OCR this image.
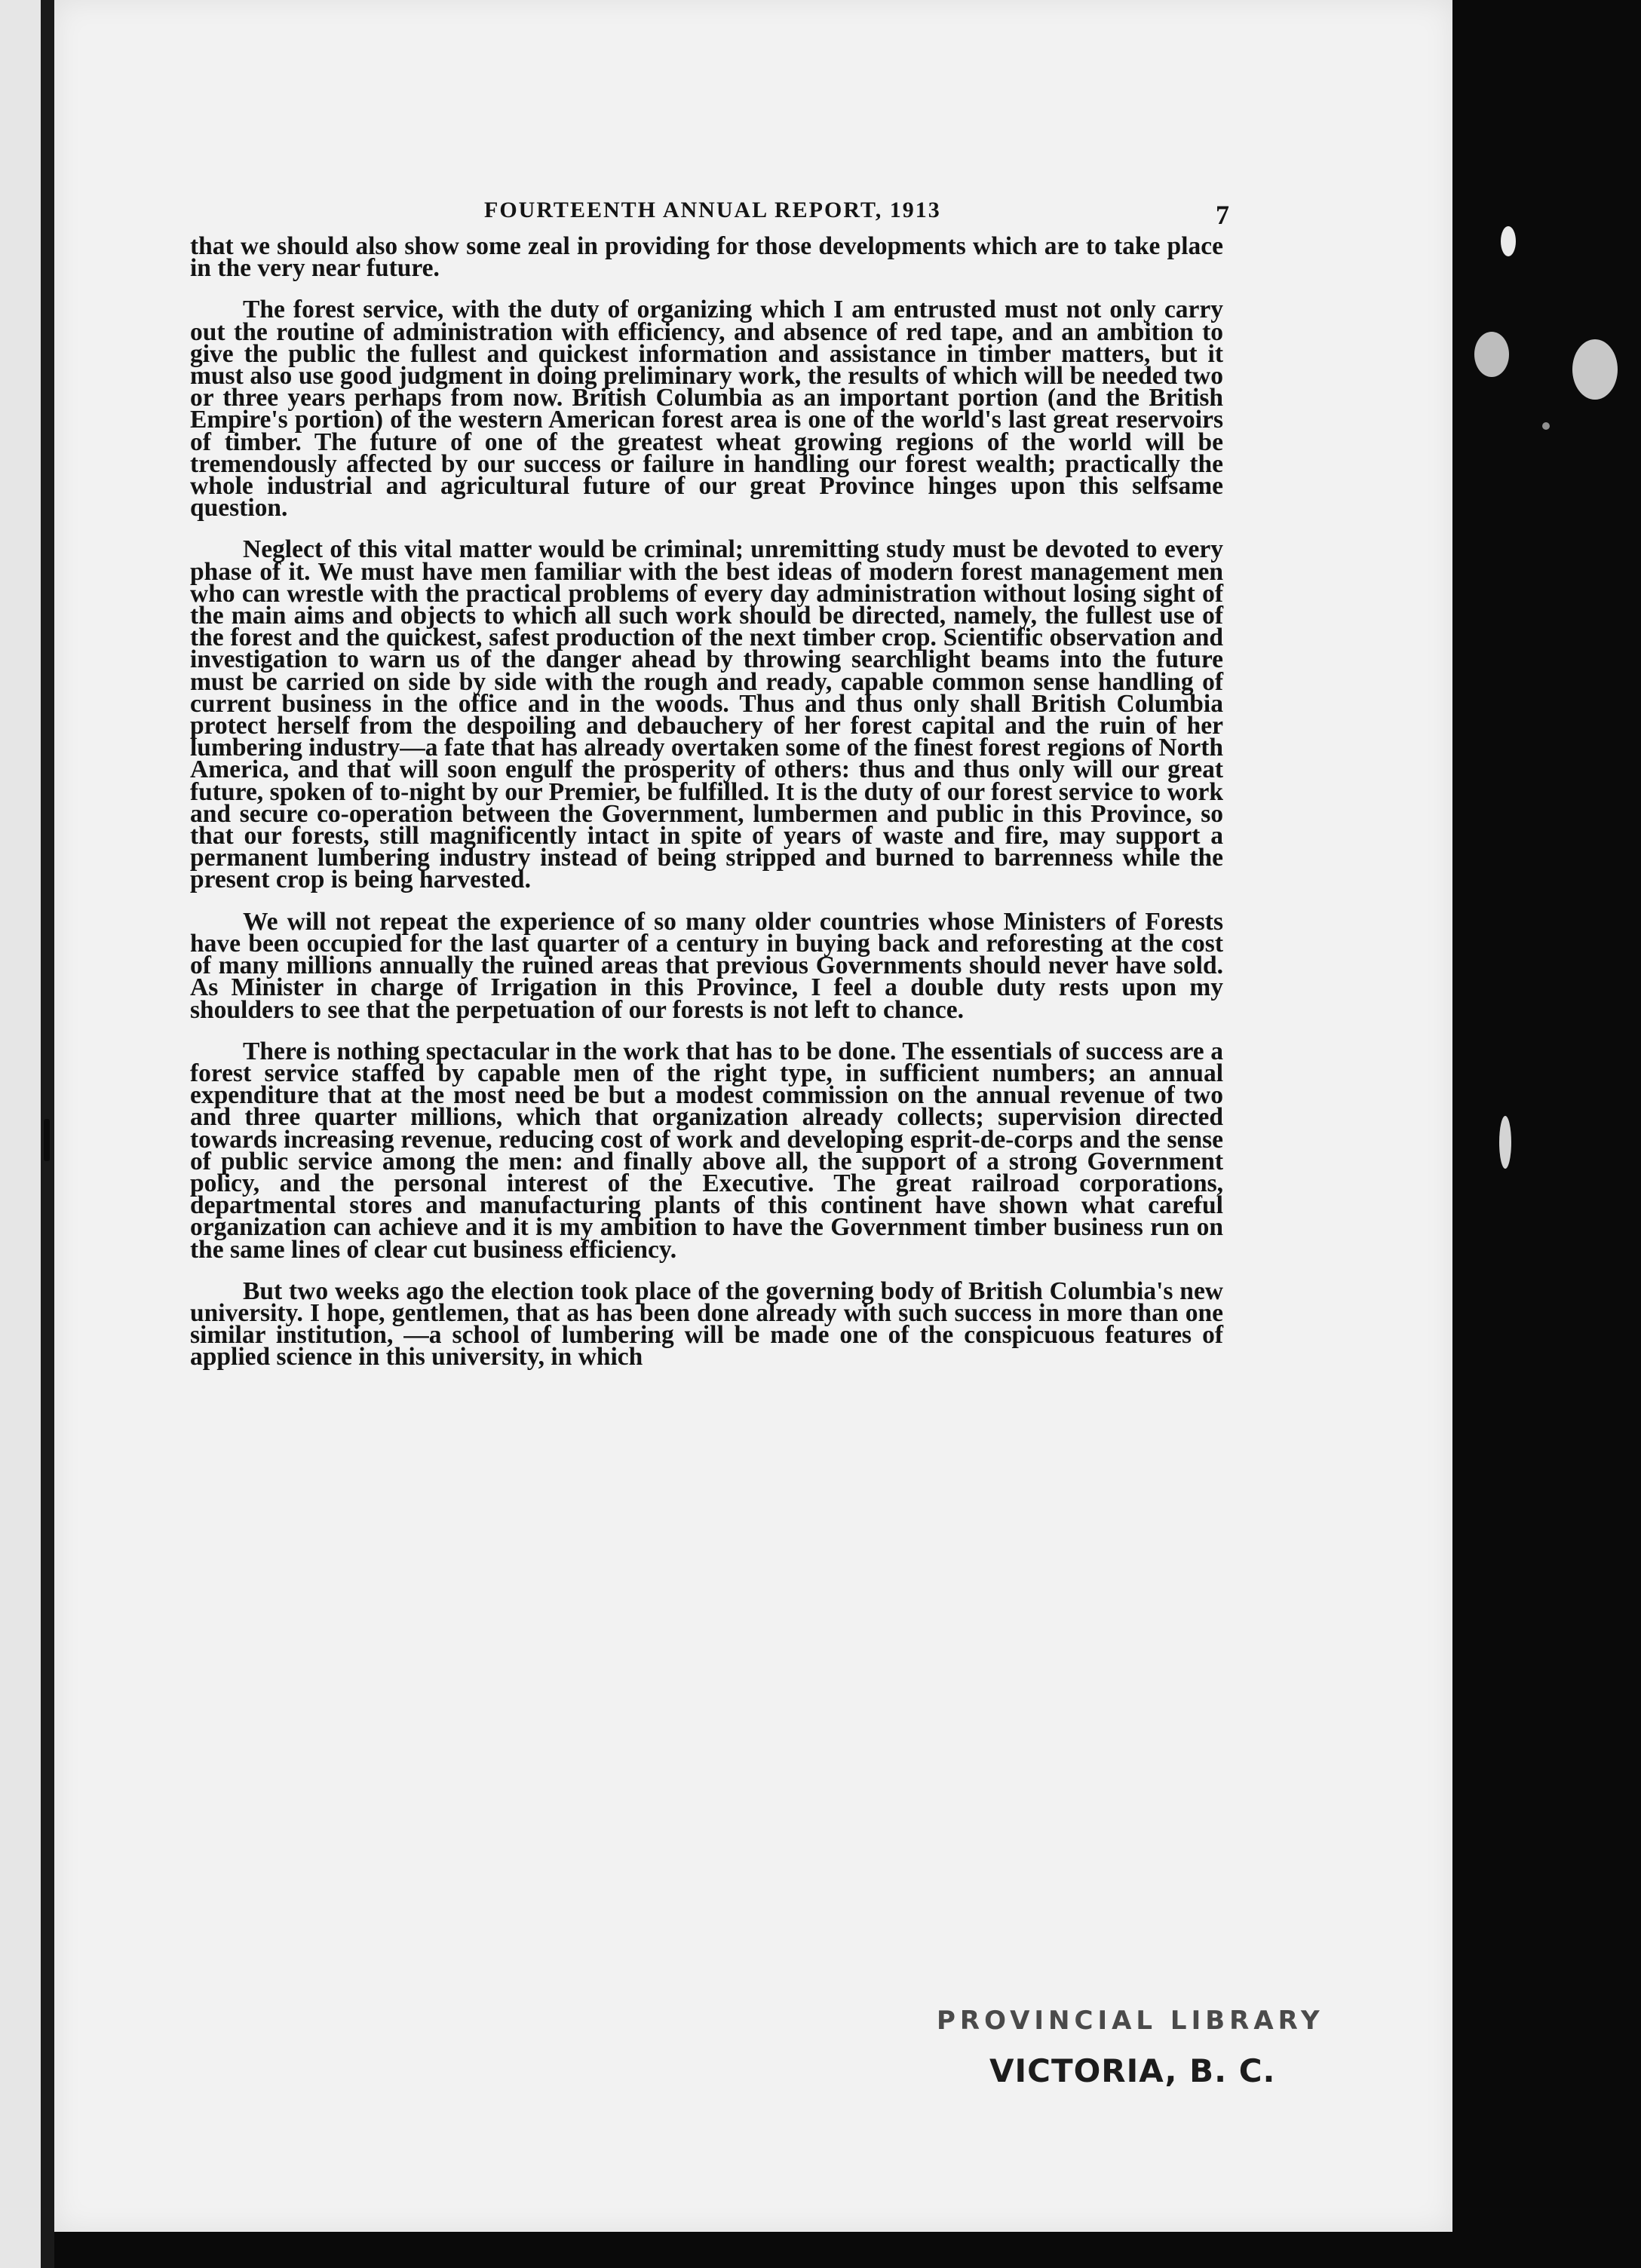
FOURTEENTH ANNUAL REPORT, 1913	7

that we should also show some zeal in providing for those developments which are to take place in the very near future.

The forest service, with the duty of organizing which I am entrusted must not only carry out the routine of administration with efficiency, and absence of red tape, and an ambition to give the public the fullest and quickest information and assistance in timber matters, but it must also use good judgment in doing preliminary work, the results of which will be needed two or three years perhaps from now. British Columbia as an important portion (and the British Empire's portion) of the western American forest area is one of the world's last great reservoirs of timber. The future of one of the greatest wheat growing regions of the world will be tremendously affected by our success or failure in handling our forest wealth; practically the whole industrial and agricultural future of our great Province hinges upon this selfsame question.

Neglect of this vital matter would be criminal; unremitting study must be devoted to every phase of it. We must have men familiar with the best ideas of modern forest management men who can wrestle with the practical problems of every day administration without losing sight of the main aims and objects to which all such work should be directed, namely, the fullest use of the forest and the quickest, safest production of the next timber crop. Scientific observation and investigation to warn us of the danger ahead by throwing searchlight beams into the future must be carried on side by side with the rough and ready, capable common sense handling of current business in the office and in the woods. Thus and thus only shall British Columbia protect herself from the despoiling and debauchery of her forest capital and the ruin of her lumbering industry—a fate that has already overtaken some of the finest forest regions of North America, and that will soon engulf the prosperity of others: thus and thus only will our great future, spoken of to-night by our Premier, be fulfilled. It is the duty of our forest service to work and secure co-operation between the Government, lumbermen and public in this Province, so that our forests, still magnificently intact in spite of years of waste and fire, may support a permanent lumbering industry instead of being stripped and burned to barrenness while the present crop is being harvested.

We will not repeat the experience of so many older countries whose Ministers of Forests have been occupied for the last quarter of a century in buying back and reforesting at the cost of many millions annually the ruined areas that previous Governments should never have sold. As Minister in charge of Irrigation in this Province, I feel a double duty rests upon my shoulders to see that the perpetuation of our forests is not left to chance.

There is nothing spectacular in the work that has to be done. The essentials of success are a forest service staffed by capable men of the right type, in sufficient numbers; an annual expenditure that at the most need be but a modest commission on the annual revenue of two and three quarter millions, which that organization already collects; supervision directed towards increasing revenue, reducing cost of work and developing esprit-de-corps and the sense of public service among the men: and finally above all, the support of a strong Government policy, and the personal interest of the Executive. The great railroad corporations, departmental stores and manufacturing plants of this continent have shown what careful organization can achieve and it is my ambition to have the Government timber business run on the same lines of clear cut business efficiency.

But two weeks ago the election took place of the governing body of British Columbia's new university. I hope, gentlemen, that as has been done already with such success in more than one similar institution, —a school of lumbering will be made one of the conspicuous features of applied science in this university, in which

PROVINCIAL LIBRARY
VICTORIA, B. C.
